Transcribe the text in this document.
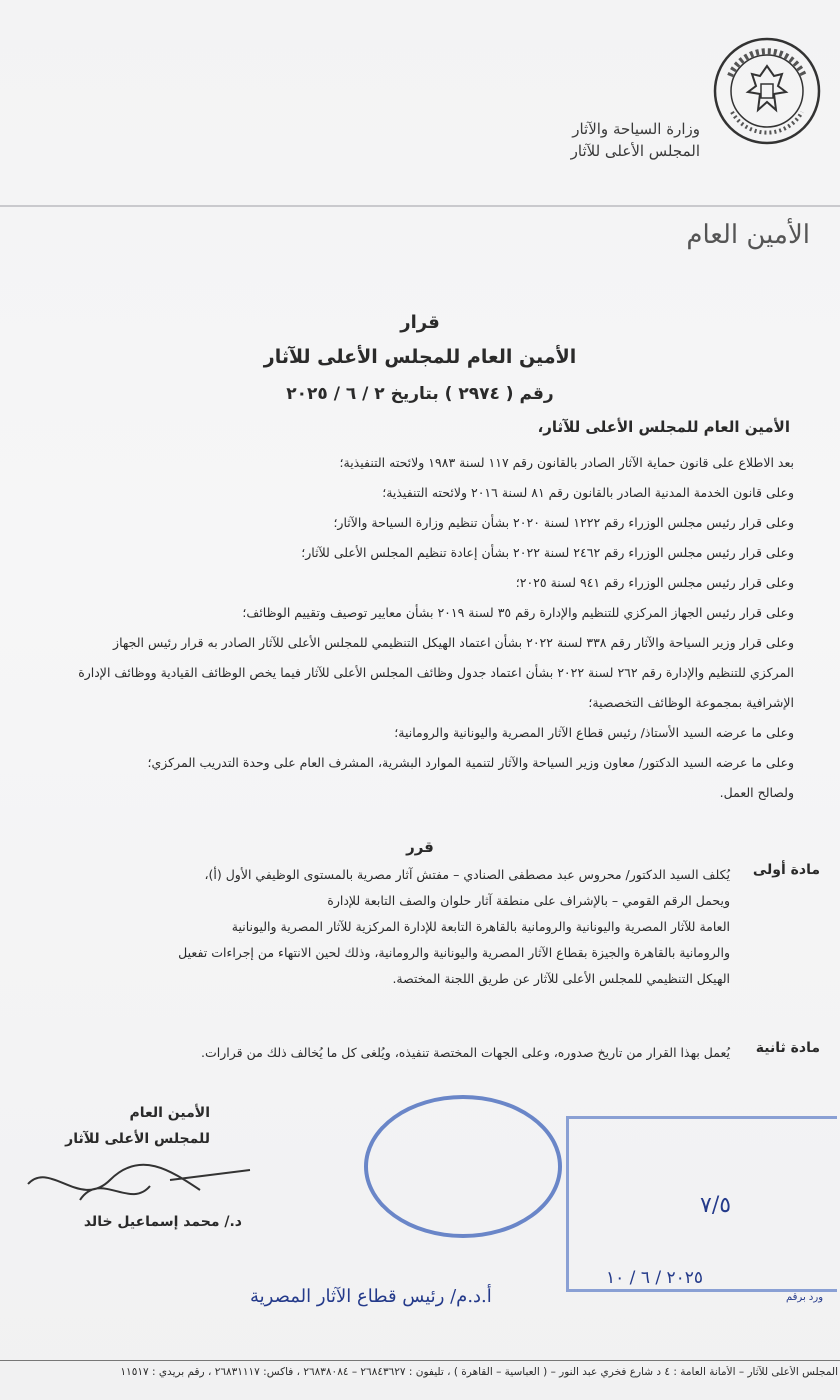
وزارة السياحة والآثار
المجلس الأعلى للآثار
الأمين العام
قرار
الأمين العام للمجلس الأعلى للآثار
رقم ( ٢٩٧٤ ) بتاريخ ٢ / ٦ / ٢٠٢٥
الأمين العام للمجلس الأعلى للآثار،
بعد الاطلاع على قانون حماية الآثار الصادر بالقانون رقم ١١٧ لسنة ١٩٨٣ ولائحته التنفيذية؛
وعلى قانون الخدمة المدنية الصادر بالقانون رقم ٨١ لسنة ٢٠١٦ ولائحته التنفيذية؛
وعلى قرار رئيس مجلس الوزراء رقم ١٢٢٢ لسنة ٢٠٢٠ بشأن تنظيم وزارة السياحة والآثار؛
وعلى قرار رئيس مجلس الوزراء رقم ٢٤٦٢ لسنة ٢٠٢٢ بشأن إعادة تنظيم المجلس الأعلى للآثار؛
وعلى قرار رئيس مجلس الوزراء رقم ٩٤١ لسنة ٢٠٢٥؛
وعلى قرار رئيس الجهاز المركزي للتنظيم والإدارة رقم ٣٥ لسنة ٢٠١٩ بشأن معايير توصيف وتقييم الوظائف؛
وعلى قرار وزير السياحة والآثار رقم ٣٣٨ لسنة ٢٠٢٢ بشأن اعتماد الهيكل التنظيمي للمجلس الأعلى للآثار الصادر به قرار رئيس الجهاز
المركزي للتنظيم والإدارة رقم ٢٦٢ لسنة ٢٠٢٢ بشأن اعتماد جدول وظائف المجلس الأعلى للآثار فيما يخص الوظائف القيادية ووظائف الإدارة
الإشرافية بمجموعة الوظائف التخصصية؛
وعلى ما عرضه السيد الأستاذ/ رئيس قطاع الآثار المصرية واليونانية والرومانية؛
وعلى ما عرضه السيد الدكتور/ معاون وزير السياحة والآثار لتنمية الموارد البشرية، المشرف العام على وحدة التدريب المركزي؛
ولصالح العمل.
قرر
مادة أولى
يُكلف السيد الدكتور/ محروس عبد مصطفى الصنادي – مفتش آثار مصرية بالمستوى الوظيفي الأول (أ)،
ويحمل الرقم القومي – بالإشراف على منطقة آثار حلوان والصف التابعة للإدارة
العامة للآثار المصرية واليونانية والرومانية بالقاهرة التابعة للإدارة المركزية للآثار المصرية واليونانية
والرومانية بالقاهرة والجيزة بقطاع الآثار المصرية واليونانية والرومانية، وذلك لحين الانتهاء من إجراءات تفعيل
الهيكل التنظيمي للمجلس الأعلى للآثار عن طريق اللجنة المختصة.
مادة ثانية
يُعمل بهذا القرار من تاريخ صدوره، وعلى الجهات المختصة تنفيذه، ويُلغى كل ما يُخالف ذلك من قرارات.
الأمين العام
للمجلس الأعلى للآثار
د./ محمد إسماعيل خالد
٧/٥
٢٠٢٥ / ٦ / ١٠
أ.د.م/ رئيس قطاع الآثار المصرية	ورد برقم
المجلس الأعلى للآثار – الأمانة العامة : ٤ د شارع فخري عبد النور – ( العباسية – القاهرة ) ، تليفون : ٢٦٨٤٣٦٢٧ – ٢٦٨٣٨٠٨٤ ، فاكس: ٢٦٨٣١١١٧ ، رقم بريدي : ١١٥١٧
